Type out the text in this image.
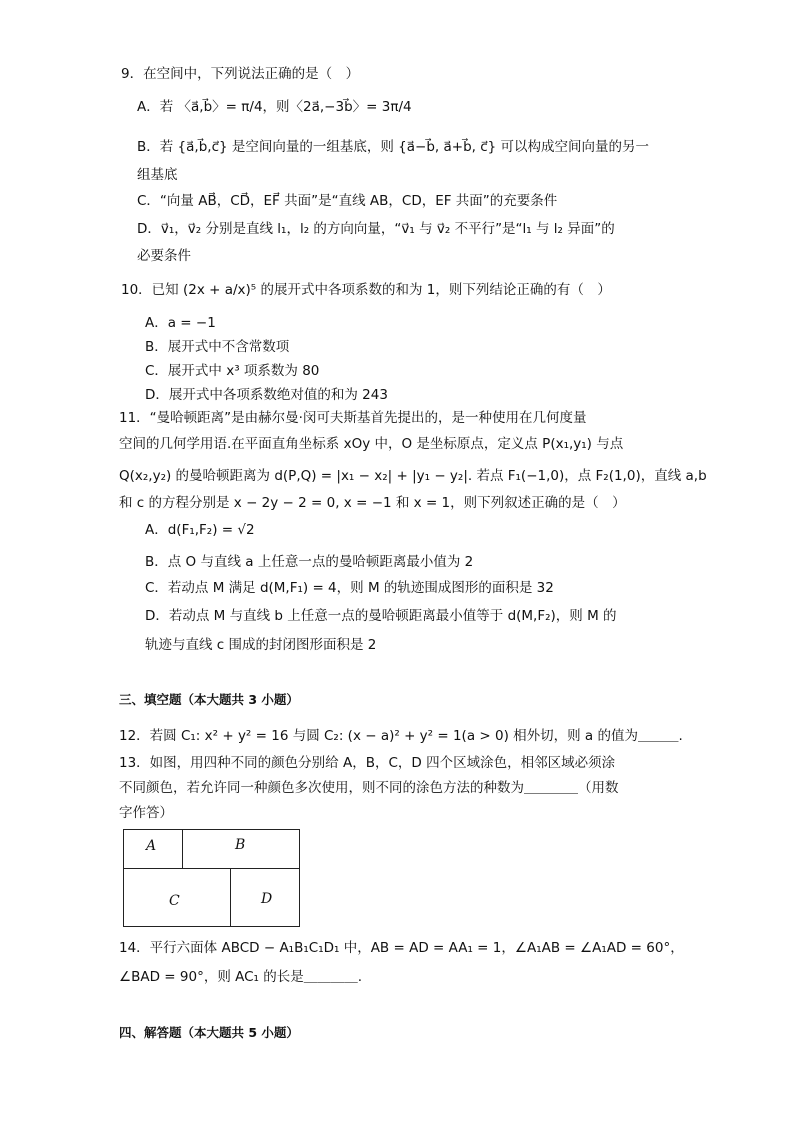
9．在空间中，下列说法正确的是（　）
A．若 〈a⃗,b⃗〉= π/4，则〈2a⃗,−3b⃗〉= 3π/4
B．若 {a⃗,b⃗,c⃗} 是空间向量的一组基底，则 {a⃗−b⃗, a⃗+b⃗, c⃗} 可以构成空间向量的另一
组基底
C．“向量 AB⃗，CD⃗，EF⃗ 共面”是“直线 AB，CD，EF 共面”的充要条件
D．v⃗₁，v⃗₂ 分别是直线 l₁，l₂ 的方向向量，“v⃗₁ 与 v⃗₂ 不平行”是“l₁ 与 l₂ 异面”的
必要条件
10．已知 (2x + a/x)⁵ 的展开式中各项系数的和为 1，则下列结论正确的有（　）
A．a = −1
B．展开式中不含常数项
C．展开式中 x³ 项系数为 80
D．展开式中各项系数绝对值的和为 243
11．“曼哈顿距离”是由赫尔曼·闵可夫斯基首先提出的，是一种使用在几何度量
空间的几何学用语.在平面直角坐标系 xOy 中，O 是坐标原点，定义点 P(x₁,y₁) 与点
Q(x₂,y₂) 的曼哈顿距离为 d(P,Q) = |x₁ − x₂| + |y₁ − y₂|. 若点 F₁(−1,0)，点 F₂(1,0)，直线 a,b
和 c 的方程分别是 x − 2y − 2 = 0, x = −1 和 x = 1，则下列叙述正确的是（　）
A．d(F₁,F₂) = √2
B．点 O 与直线 a 上任意一点的曼哈顿距离最小值为 2
C．若动点 M 满足 d(M,F₁) = 4，则 M 的轨迹围成图形的面积是 32
D．若动点 M 与直线 b 上任意一点的曼哈顿距离最小值等于 d(M,F₂)，则 M 的
轨迹与直线 c 围成的封闭图形面积是 2
三、填空题（本大题共 3 小题）
12．若圆 C₁: x² + y² = 16 与圆 C₂: (x − a)² + y² = 1(a > 0) 相外切，则 a 的值为＿＿＿.
13．如图，用四种不同的颜色分别给 A，B，C，D 四个区域涂色，相邻区域必须涂
不同颜色，若允许同一种颜色多次使用，则不同的涂色方法的种数为＿＿＿＿（用数
字作答）
A	B
C	D
14．平行六面体 ABCD − A₁B₁C₁D₁ 中，AB = AD = AA₁ = 1，∠A₁AB = ∠A₁AD = 60°，
∠BAD = 90°，则 AC₁ 的长是＿＿＿＿.
四、解答题（本大题共 5 小题）
